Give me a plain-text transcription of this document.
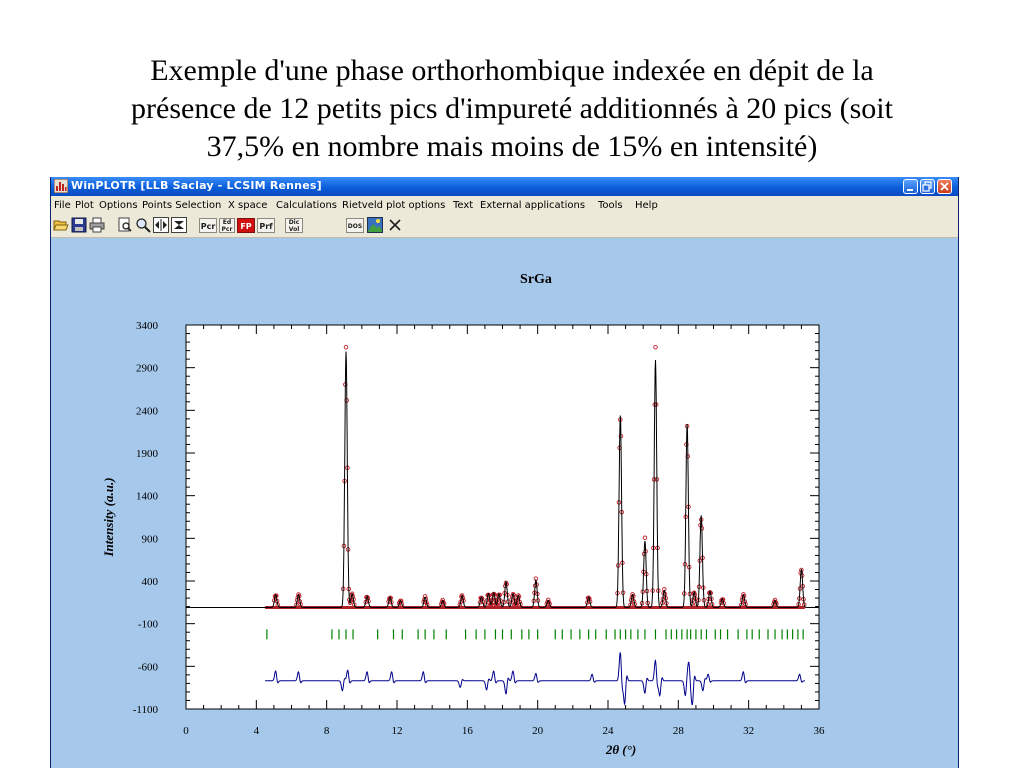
Exemple d'une phase orthorhombique indexée en dépit de la
présence de 12 petits pics d'impureté additionnés à 20 pics (soit
37,5% en nombre mais moins de 15% en intensité)
WinPLOTR [LLB Saclay - LCSIM Rennes]
File Plot Options Points Selection X space Calculations Rietveld plot options Text External applications Tools Help
Pcr	Ed Pcr FP Prf	Dic Vol	DOS
SrGa
3400
2900
2400
1900
1400
900
400
-100
-600
-1100
0	4	8	12	16	20	24	28	32	36
Intensity (a.u.)
2θ (°)
